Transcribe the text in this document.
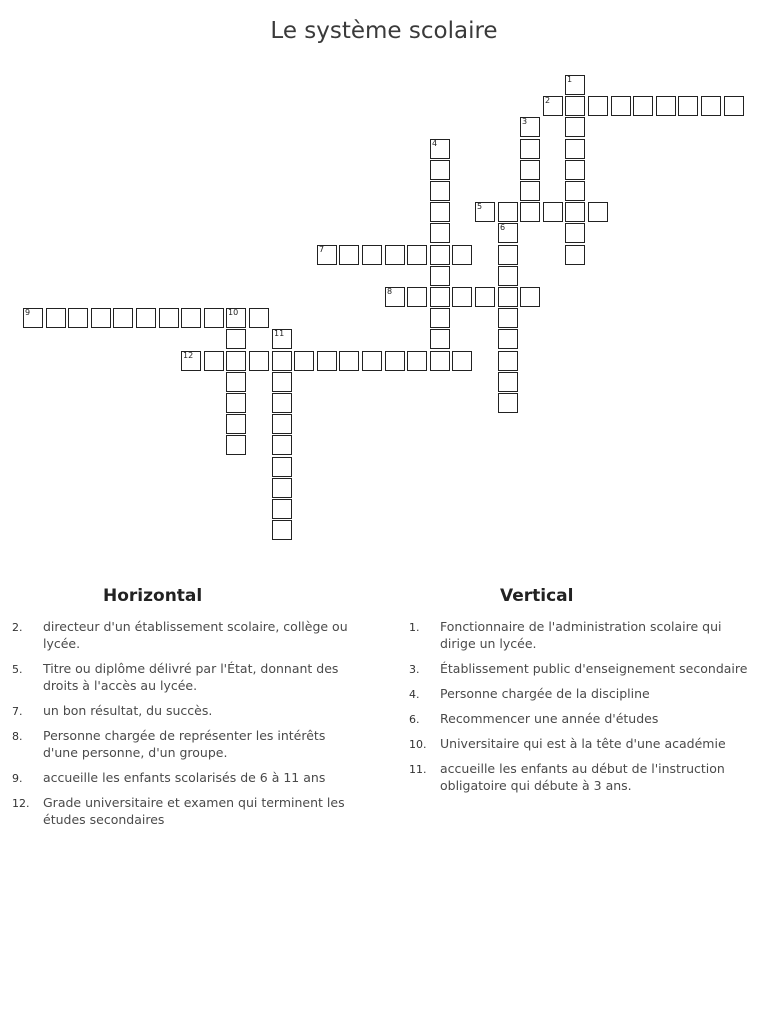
Le système scolaire
2
5
7
8
9	10
12
1
3
4
6
11
Horizontal
2. directeur d'un établissement scolaire, collège ou lycée.
5. Titre ou diplôme délivré par l'État, donnant des droits à l'accès au lycée.
7. un bon résultat, du succès.
8. Personne chargée de représenter les intérêts d'une personne, d'un groupe.
9. accueille les enfants scolarisés de 6 à 11 ans
12. Grade universitaire et examen qui terminent les études secondaires
Vertical
1. Fonctionnaire de l'administration scolaire qui dirige un lycée.
3. Établissement public d'enseignement secondaire
4. Personne chargée de la discipline
6. Recommencer une année d'études
10. Universitaire qui est à la tête d'une académie
11. accueille les enfants au début de l'instruction obligatoire qui débute à 3 ans.
